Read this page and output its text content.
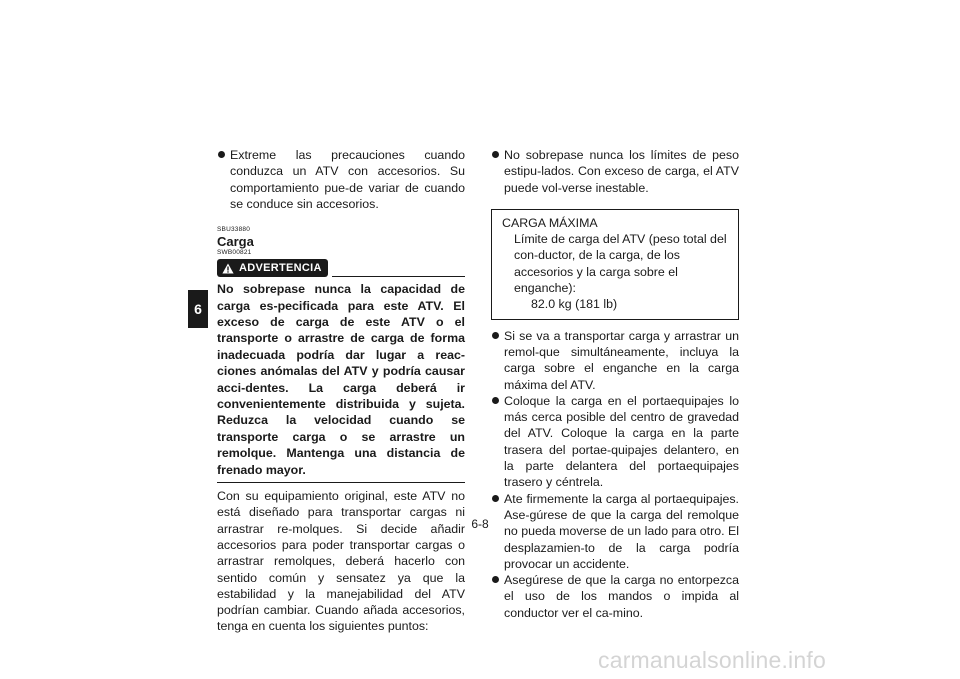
6
Extreme las precauciones cuando conduzca un ATV con accesorios. Su comportamiento pue-de variar de cuando se conduce sin accesorios.
SBU33880
Carga
SWB00821
ADVERTENCIA
No sobrepase nunca la capacidad de carga es-pecificada para este ATV. El exceso de carga de este ATV o el transporte o arrastre de carga de forma inadecuada podría dar lugar a reac-ciones anómalas del ATV y podría causar acci-dentes. La carga deberá ir convenientemente distribuida y sujeta. Reduzca la velocidad cuando se transporte carga o se arrastre un remolque. Mantenga una distancia de frenado mayor.
Con su equipamiento original, este ATV no está diseñado para transportar cargas ni arrastrar re-molques. Si decide añadir accesorios para poder transportar cargas o arrastrar remolques, deberá hacerlo con sentido común y sensatez ya que la estabilidad y la manejabilidad del ATV podrían cambiar. Cuando añada accesorios, tenga en cuenta los siguientes puntos:
No sobrepase nunca los límites de peso estipu-lados. Con exceso de carga, el ATV puede vol-verse inestable.
CARGA MÁXIMA
Límite de carga del ATV (peso total del con-ductor, de la carga, de los accesorios y la carga sobre el enganche):
82.0 kg (181 lb)
Si se va a transportar carga y arrastrar un remol-que simultáneamente, incluya la carga sobre el enganche en la carga máxima del ATV.
Coloque la carga en el portaequipajes lo más cerca posible del centro de gravedad del ATV. Coloque la carga en la parte trasera del portae-quipajes delantero, en la parte delantera del portaequipajes trasero y céntrela.
Ate firmemente la carga al portaequipajes. Ase-gúrese de que la carga del remolque no pueda moverse de un lado para otro. El desplazamien-to de la carga podría provocar un accidente.
Asegúrese de que la carga no entorpezca el uso de los mandos o impida al conductor ver el ca-mino.
6-8
carmanualsonline.info
